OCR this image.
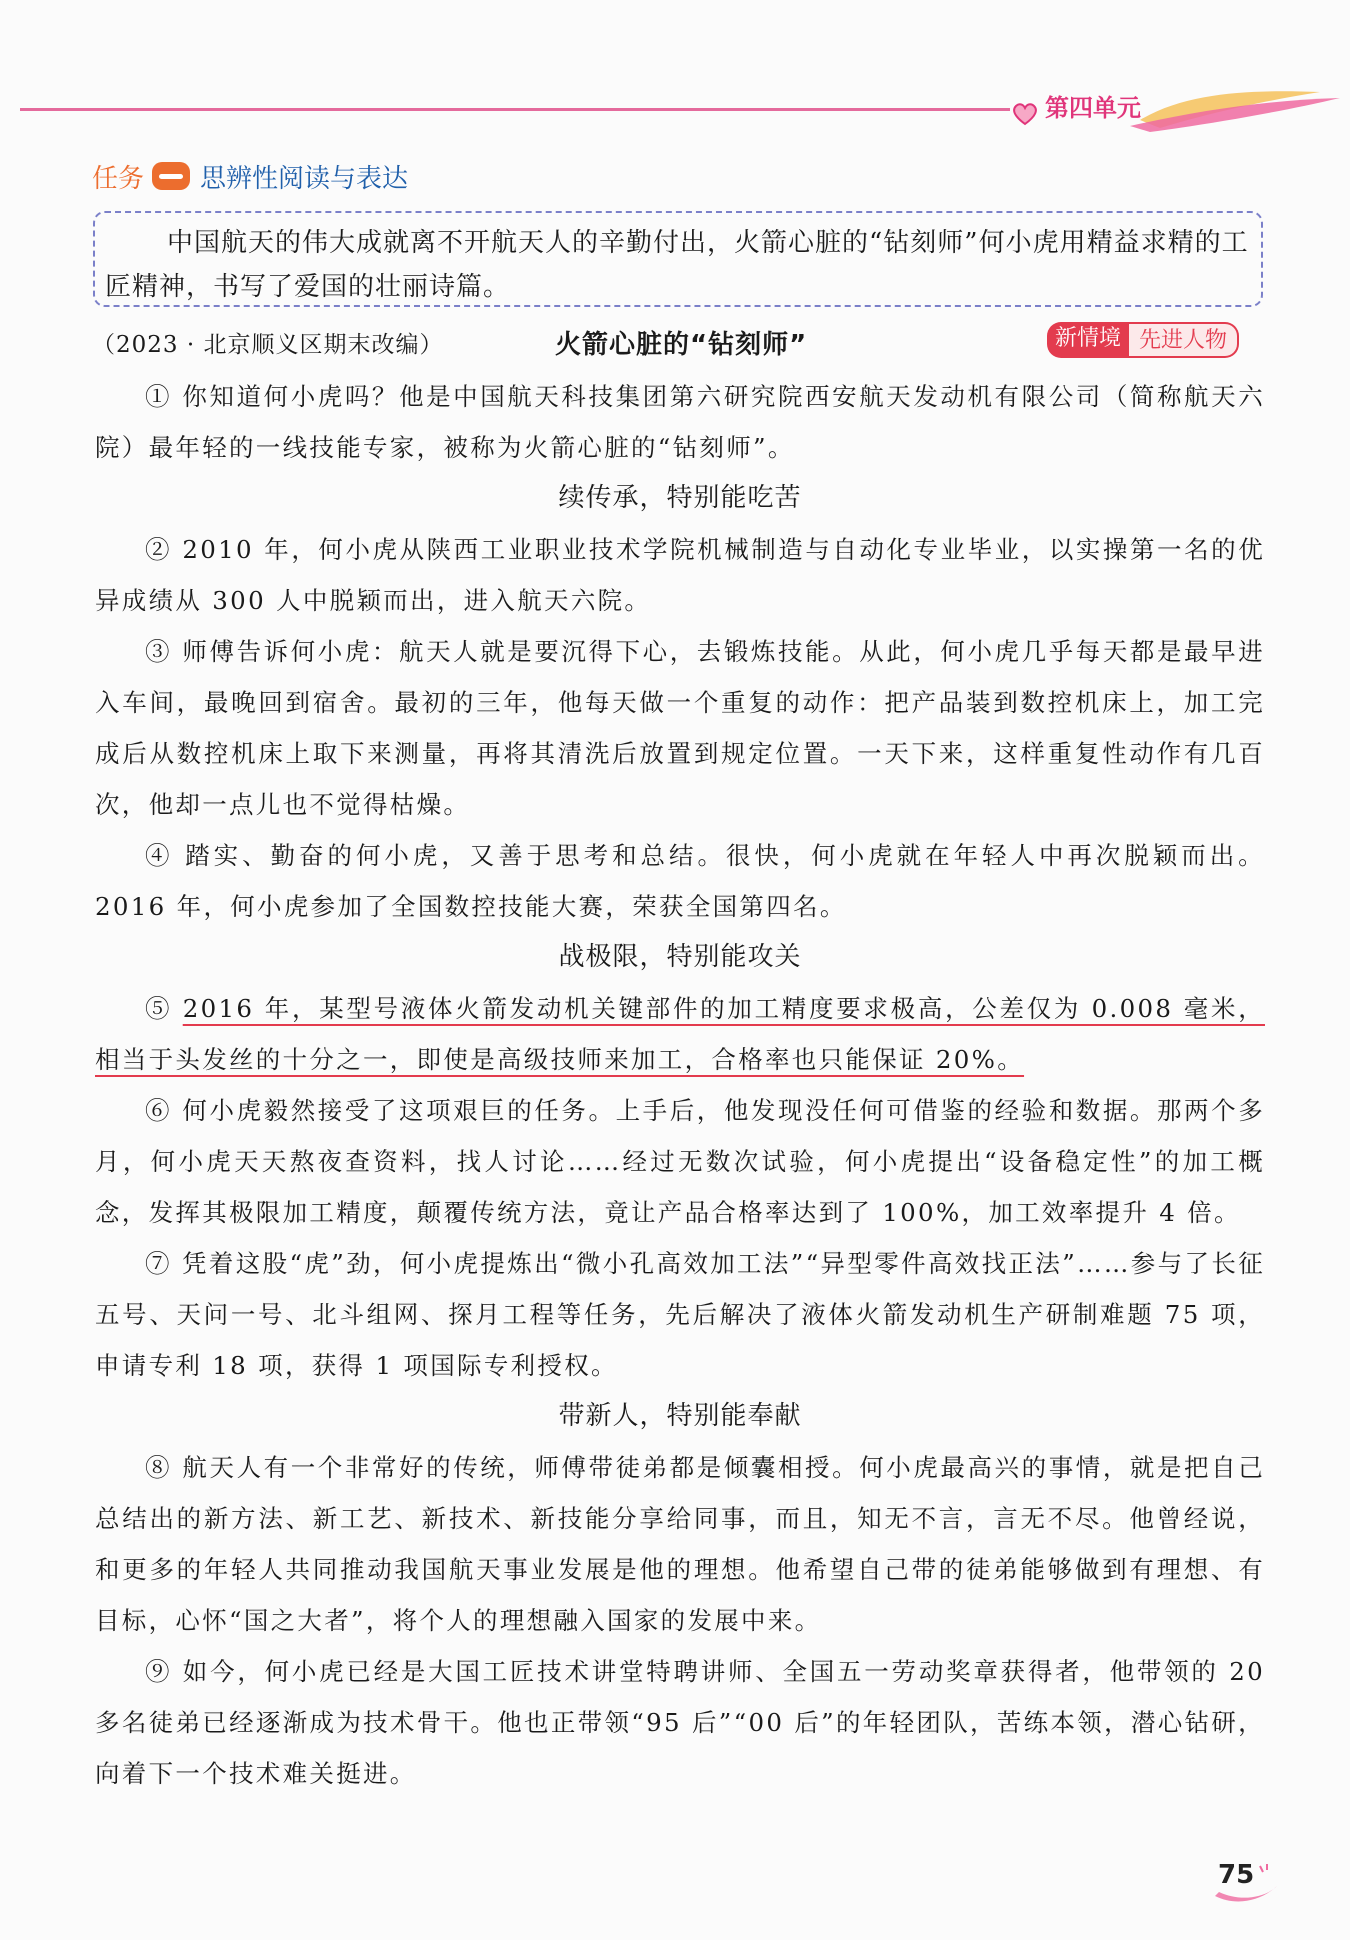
第四单元
任务 思辨性阅读与表达
中国航天的伟大成就离不开航天人的辛勤付出，火箭心脏的“钻刻师”何小虎用精益求精的工匠精神，书写了爱国的壮丽诗篇。
（2023 · 北京顺义区期末改编）	火箭心脏的“钻刻师”	新情境 先进人物

① 你知道何小虎吗？他是中国航天科技集团第六研究院西安航天发动机有限公司（简称航天六院）最年轻的一线技能专家，被称为火箭心脏的“钻刻师”。

续传承，特别能吃苦

② 2010 年，何小虎从陕西工业职业技术学院机械制造与自动化专业毕业，以实操第一名的优异成绩从 300 人中脱颖而出，进入航天六院。

③ 师傅告诉何小虎：航天人就是要沉得下心，去锻炼技能。从此，何小虎几乎每天都是最早进入车间，最晚回到宿舍。最初的三年，他每天做一个重复的动作：把产品装到数控机床上，加工完成后从数控机床上取下来测量，再将其清洗后放置到规定位置。一天下来，这样重复性动作有几百次，他却一点儿也不觉得枯燥。

④ 踏实、勤奋的何小虎，又善于思考和总结。很快，何小虎就在年轻人中再次脱颖而出。2016 年，何小虎参加了全国数控技能大赛，荣获全国第四名。

战极限，特别能攻关

⑤ 2016 年，某型号液体火箭发动机关键部件的加工精度要求极高，公差仅为 0.008 毫米，相当于头发丝的十分之一，即使是高级技师来加工，合格率也只能保证 20%。

⑥ 何小虎毅然接受了这项艰巨的任务。上手后，他发现没任何可借鉴的经验和数据。那两个多月，何小虎天天熬夜查资料，找人讨论……经过无数次试验，何小虎提出“设备稳定性”的加工概念，发挥其极限加工精度，颠覆传统方法，竟让产品合格率达到了 100%，加工效率提升 4 倍。

⑦ 凭着这股“虎”劲，何小虎提炼出“微小孔高效加工法”“异型零件高效找正法”……参与了长征五号、天问一号、北斗组网、探月工程等任务，先后解决了液体火箭发动机生产研制难题 75 项，申请专利 18 项，获得 1 项国际专利授权。

带新人，特别能奉献

⑧ 航天人有一个非常好的传统，师傅带徒弟都是倾囊相授。何小虎最高兴的事情，就是把自己总结出的新方法、新工艺、新技术、新技能分享给同事，而且，知无不言，言无不尽。他曾经说，和更多的年轻人共同推动我国航天事业发展是他的理想。他希望自己带的徒弟能够做到有理想、有目标，心怀“国之大者”，将个人的理想融入国家的发展中来。

⑨ 如今，何小虎已经是大国工匠技术讲堂特聘讲师、全国五一劳动奖章获得者，他带领的 20 多名徒弟已经逐渐成为技术骨干。他也正带领“95 后”“00 后”的年轻团队，苦练本领，潜心钻研，向着下一个技术难关挺进。

75
